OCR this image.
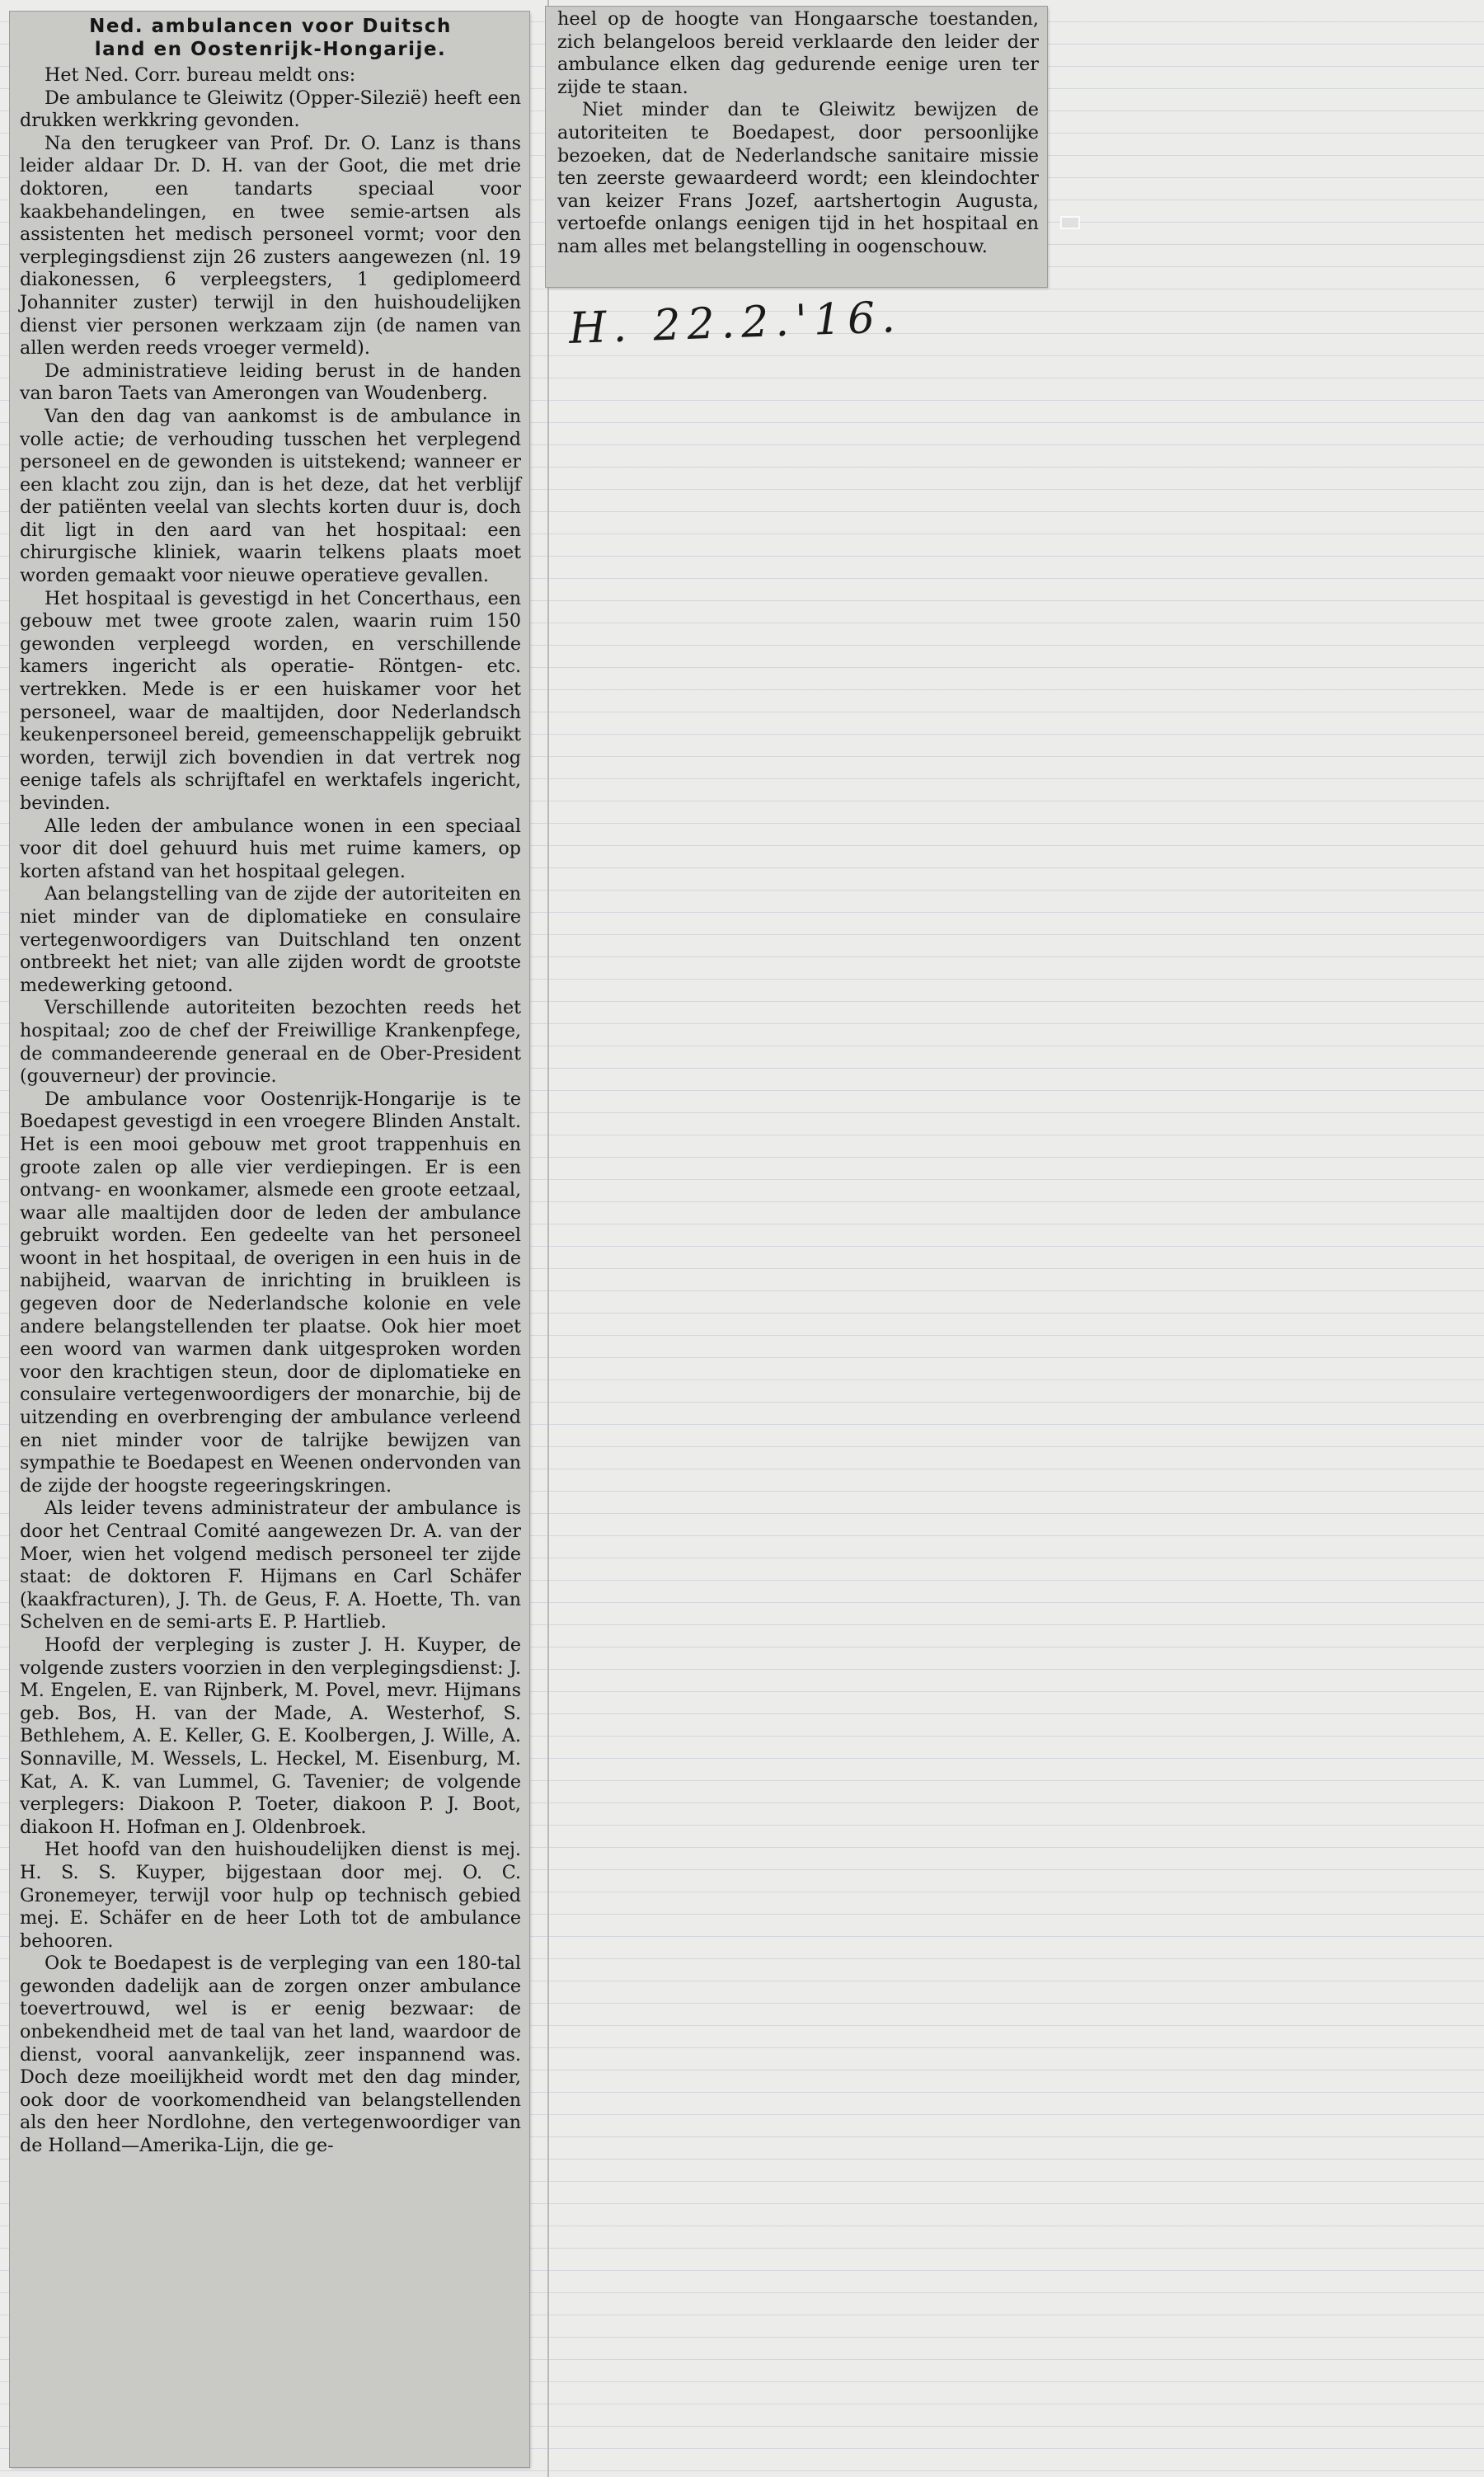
Ned. ambulancen voor Duitsch
land en Oostenrijk-Hongarije.

Het Ned. Corr. bureau meldt ons:

De ambulance te Gleiwitz (Opper-Silezië) heeft een drukken werkkring gevonden.

Na den terugkeer van Prof. Dr. O. Lanz is thans leider aldaar Dr. D. H. van der Goot, die met drie doktoren, een tandarts speciaal voor kaakbehandelingen, en twee semie-artsen als assistenten het medisch personeel vormt; voor den verplegingsdienst zijn 26 zusters aangewezen (nl. 19 diakonessen, 6 verpleegsters, 1 gediplomeerd Johanniter zuster) terwijl in den huishoudelijken dienst vier personen werkzaam zijn (de namen van allen werden reeds vroeger vermeld).

De administratieve leiding berust in de handen van baron Taets van Amerongen van Woudenberg.

Van den dag van aankomst is de ambulance in volle actie; de verhouding tusschen het verplegend personeel en de gewonden is uitstekend; wanneer er een klacht zou zijn, dan is het deze, dat het verblijf der patiënten veelal van slechts korten duur is, doch dit ligt in den aard van het hospitaal: een chirurgische kliniek, waarin telkens plaats moet worden gemaakt voor nieuwe operatieve gevallen.

Het hospitaal is gevestigd in het Concerthaus, een gebouw met twee groote zalen, waarin ruim 150 gewonden verpleegd worden, en verschillende kamers ingericht als operatie- Röntgen- etc. vertrekken. Mede is er een huiskamer voor het personeel, waar de maaltijden, door Nederlandsch keukenpersoneel bereid, gemeenschappelijk gebruikt worden, terwijl zich bovendien in dat vertrek nog eenige tafels als schrijftafel en werktafels ingericht, bevinden.

Alle leden der ambulance wonen in een speciaal voor dit doel gehuurd huis met ruime kamers, op korten afstand van het hospitaal gelegen.

Aan belangstelling van de zijde der autoriteiten en niet minder van de diplomatieke en consulaire vertegenwoordigers van Duitschland ten onzent ontbreekt het niet; van alle zijden wordt de grootste medewerking getoond.

Verschillende autoriteiten bezochten reeds het hospitaal; zoo de chef der Freiwillige Krankenpfege, de commandeerende generaal en de Ober-President (gouverneur) der provincie.

De ambulance voor Oostenrijk-Hongarije is te Boedapest gevestigd in een vroegere Blinden Anstalt. Het is een mooi gebouw met groot trappenhuis en groote zalen op alle vier verdiepingen. Er is een ontvang- en woonkamer, alsmede een groote eetzaal, waar alle maaltijden door de leden der ambulance gebruikt worden. Een gedeelte van het personeel woont in het hospitaal, de overigen in een huis in de nabijheid, waarvan de inrichting in bruikleen is gegeven door de Nederlandsche kolonie en vele andere belangstellenden ter plaatse. Ook hier moet een woord van warmen dank uitgesproken worden voor den krachtigen steun, door de diplomatieke en consulaire vertegenwoordigers der monarchie, bij de uitzending en overbrenging der ambulance verleend en niet minder voor de talrijke bewijzen van sympathie te Boedapest en Weenen ondervonden van de zijde der hoogste regeeringskringen.

Als leider tevens administrateur der ambulance is door het Centraal Comité aangewezen Dr. A. van der Moer, wien het volgend medisch personeel ter zijde staat: de doktoren F. Hijmans en Carl Schäfer (kaakfracturen), J. Th. de Geus, F. A. Hoette, Th. van Schelven en de semi-arts E. P. Hartlieb.

Hoofd der verpleging is zuster J. H. Kuyper, de volgende zusters voorzien in den verplegingsdienst: J. M. Engelen, E. van Rijnberk, M. Povel, mevr. Hijmans geb. Bos, H. van der Made, A. Westerhof, S. Bethlehem, A. E. Keller, G. E. Koolbergen, J. Wille, A. Sonnaville, M. Wessels, L. Heckel, M. Eisenburg, M. Kat, A. K. van Lummel, G. Tavenier; de volgende verplegers: Diakoon P. Toeter, diakoon P. J. Boot, diakoon H. Hofman en J. Oldenbroek.

Het hoofd van den huishoudelijken dienst is mej. H. S. S. Kuyper, bijgestaan door mej. O. C. Gronemeyer, terwijl voor hulp op technisch gebied mej. E. Schäfer en de heer Loth tot de ambulance behooren.

Ook te Boedapest is de verpleging van een 180-tal gewonden dadelijk aan de zorgen onzer ambulance toevertrouwd, wel is er eenig bezwaar: de onbekendheid met de taal van het land, waardoor de dienst, vooral aanvankelijk, zeer inspannend was. Doch deze moeilijkheid wordt met den dag minder, ook door de voorkomendheid van belangstellenden als den heer Nordlohne, den vertegenwoordiger van de Holland—Amerika-Lijn, die ge-

heel op de hoogte van Hongaarsche toestanden, zich belangeloos bereid verklaarde den leider der ambulance elken dag gedurende eenige uren ter zijde te staan.

Niet minder dan te Gleiwitz bewijzen de autoriteiten te Boedapest, door persoonlijke bezoeken, dat de Nederlandsche sanitaire missie ten zeerste gewaardeerd wordt; een kleindochter van keizer Frans Jozef, aartshertogin Augusta, vertoefde onlangs eenigen tijd in het hospitaal en nam alles met belangstelling in oogenschouw.

H. 22.2.'16.
